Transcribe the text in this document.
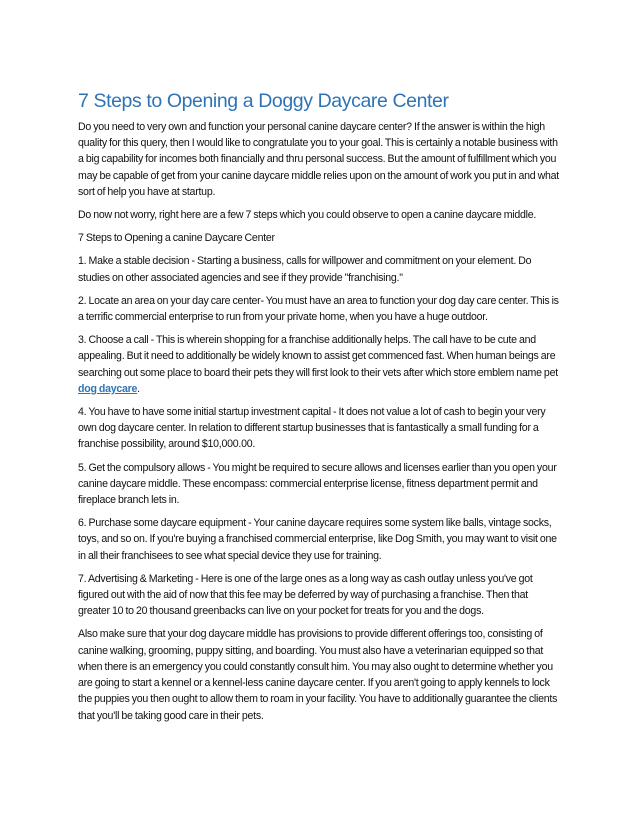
7 Steps to Opening a Doggy Daycare Center

Do you need to very own and function your personal canine daycare center? If the answer is within the high quality for this query, then I would like to congratulate you to your goal. This is certainly a notable business with a big capability for incomes both financially and thru personal success. But the amount of fulfillment which you may be capable of get from your canine daycare middle relies upon on the amount of work you put in and what sort of help you have at startup.

Do now not worry, right here are a few 7 steps which you could observe to open a canine daycare middle.

7 Steps to Opening a canine Daycare Center

1. Make a stable decision - Starting a business, calls for willpower and commitment on your element. Do studies on other associated agencies and see if they provide "franchising."

2. Locate an area on your day care center- You must have an area to function your dog day care center. This is a terrific commercial enterprise to run from your private home, when you have a huge outdoor.

3. Choose a call - This is wherein shopping for a franchise additionally helps. The call have to be cute and appealing. But it need to additionally be widely known to assist get commenced fast. When human beings are searching out some place to board their pets they will first look to their vets after which store emblem name pet dog daycare.

4. You have to have some initial startup investment capital - It does not value a lot of cash to begin your very own dog daycare center. In relation to different startup businesses that is fantastically a small funding for a franchise possibility, around $10,000.00.

5. Get the compulsory allows - You might be required to secure allows and licenses earlier than you open your canine daycare middle. These encompass: commercial enterprise license, fitness department permit and fireplace branch lets in.

6. Purchase some daycare equipment - Your canine daycare requires some system like balls, vintage socks, toys, and so on. If you're buying a franchised commercial enterprise, like Dog Smith, you may want to visit one in all their franchisees to see what special device they use for training.

7. Advertising & Marketing - Here is one of the large ones as a long way as cash outlay unless you've got figured out with the aid of now that this fee may be deferred by way of purchasing a franchise. Then that greater 10 to 20 thousand greenbacks can live on your pocket for treats for you and the dogs.

Also make sure that your dog daycare middle has provisions to provide different offerings too, consisting of canine walking, grooming, puppy sitting, and boarding. You must also have a veterinarian equipped so that when there is an emergency you could constantly consult him. You may also ought to determine whether you are going to start a kennel or a kennel-less canine daycare center. If you aren't going to apply kennels to lock the puppies you then ought to allow them to roam in your facility. You have to additionally guarantee the clients that you'll be taking good care in their pets.
